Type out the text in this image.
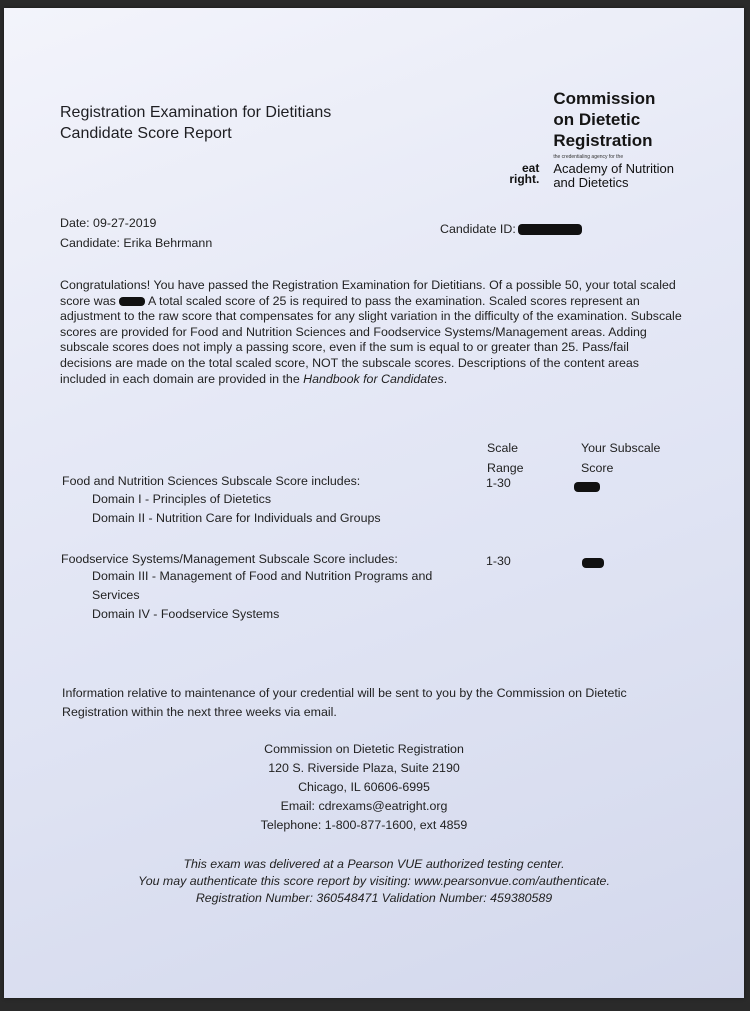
Registration Examination for Dietitians
Candidate Score Report
Commission
on Dietetic
Registration
the credentialing agency for the
eat
right.
Academy of Nutrition
and Dietetics
Date: 09-27-2019
Candidate: Erika Behrmann
Candidate ID:
Congratulations! You have passed the Registration Examination for Dietitians. Of a possible 50, your total scaled score was	A total scaled score of 25 is required to pass the examination. Scaled scores represent an adjustment to the raw score that compensates for any slight variation in the difficulty of the examination. Subscale scores are provided for Food and Nutrition Sciences and Foodservice Systems/Management areas. Adding subscale scores does not imply a passing score, even if the sum is equal to or greater than 25. Pass/fail decisions are made on the total scaled score, NOT the subscale scores. Descriptions of the content areas included in each domain are provided in the Handbook for Candidates.
Scale
Range
Your Subscale
Score
Food and Nutrition Sciences Subscale Score includes:	1-30
Domain I - Principles of Dietetics
Domain II - Nutrition Care for Individuals and Groups
Foodservice Systems/Management Subscale Score includes:	1-30
Domain III - Management of Food and Nutrition Programs and
Services
Domain IV - Foodservice Systems
Information relative to maintenance of your credential will be sent to you by the Commission on Dietetic Registration within the next three weeks via email.
Commission on Dietetic Registration
120 S. Riverside Plaza, Suite 2190
Chicago, IL 60606-6995
Email: cdrexams@eatright.org
Telephone: 1-800-877-1600, ext 4859
This exam was delivered at a Pearson VUE authorized testing center.
You may authenticate this score report by visiting: www.pearsonvue.com/authenticate.
Registration Number: 360548471 Validation Number: 459380589
